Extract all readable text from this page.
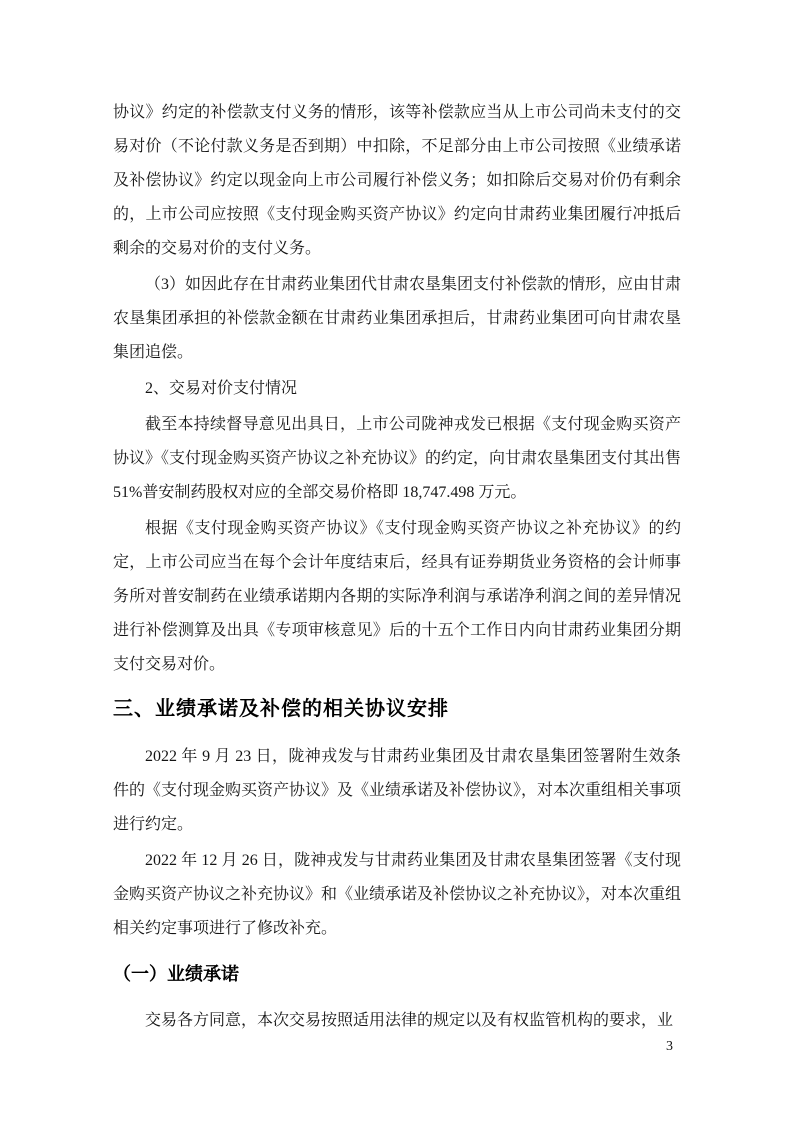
协议》约定的补偿款支付义务的情形，该等补偿款应当从上市公司尚未支付的交易对价（不论付款义务是否到期）中扣除，不足部分由上市公司按照《业绩承诺及补偿协议》约定以现金向上市公司履行补偿义务；如扣除后交易对价仍有剩余的，上市公司应按照《支付现金购买资产协议》约定向甘肃药业集团履行冲抵后剩余的交易对价的支付义务。

（3）如因此存在甘肃药业集团代甘肃农垦集团支付补偿款的情形，应由甘肃农垦集团承担的补偿款金额在甘肃药业集团承担后，甘肃药业集团可向甘肃农垦集团追偿。

2、交易对价支付情况

截至本持续督导意见出具日，上市公司陇神戎发已根据《支付现金购买资产协议》《支付现金购买资产协议之补充协议》的约定，向甘肃农垦集团支付其出售 51%普安制药股权对应的全部交易价格即 18,747.498 万元。

根据《支付现金购买资产协议》《支付现金购买资产协议之补充协议》的约定，上市公司应当在每个会计年度结束后，经具有证券期货业务资格的会计师事务所对普安制药在业绩承诺期内各期的实际净利润与承诺净利润之间的差异情况进行补偿测算及出具《专项审核意见》后的十五个工作日内向甘肃药业集团分期支付交易对价。

三、业绩承诺及补偿的相关协议安排

2022 年 9 月 23 日，陇神戎发与甘肃药业集团及甘肃农垦集团签署附生效条件的《支付现金购买资产协议》及《业绩承诺及补偿协议》，对本次重组相关事项进行约定。

2022 年 12 月 26 日，陇神戎发与甘肃药业集团及甘肃农垦集团签署《支付现金购买资产协议之补充协议》和《业绩承诺及补偿协议之补充协议》，对本次重组相关约定事项进行了修改补充。

（一）业绩承诺

交易各方同意，本次交易按照适用法律的规定以及有权监管机构的要求，业

3
